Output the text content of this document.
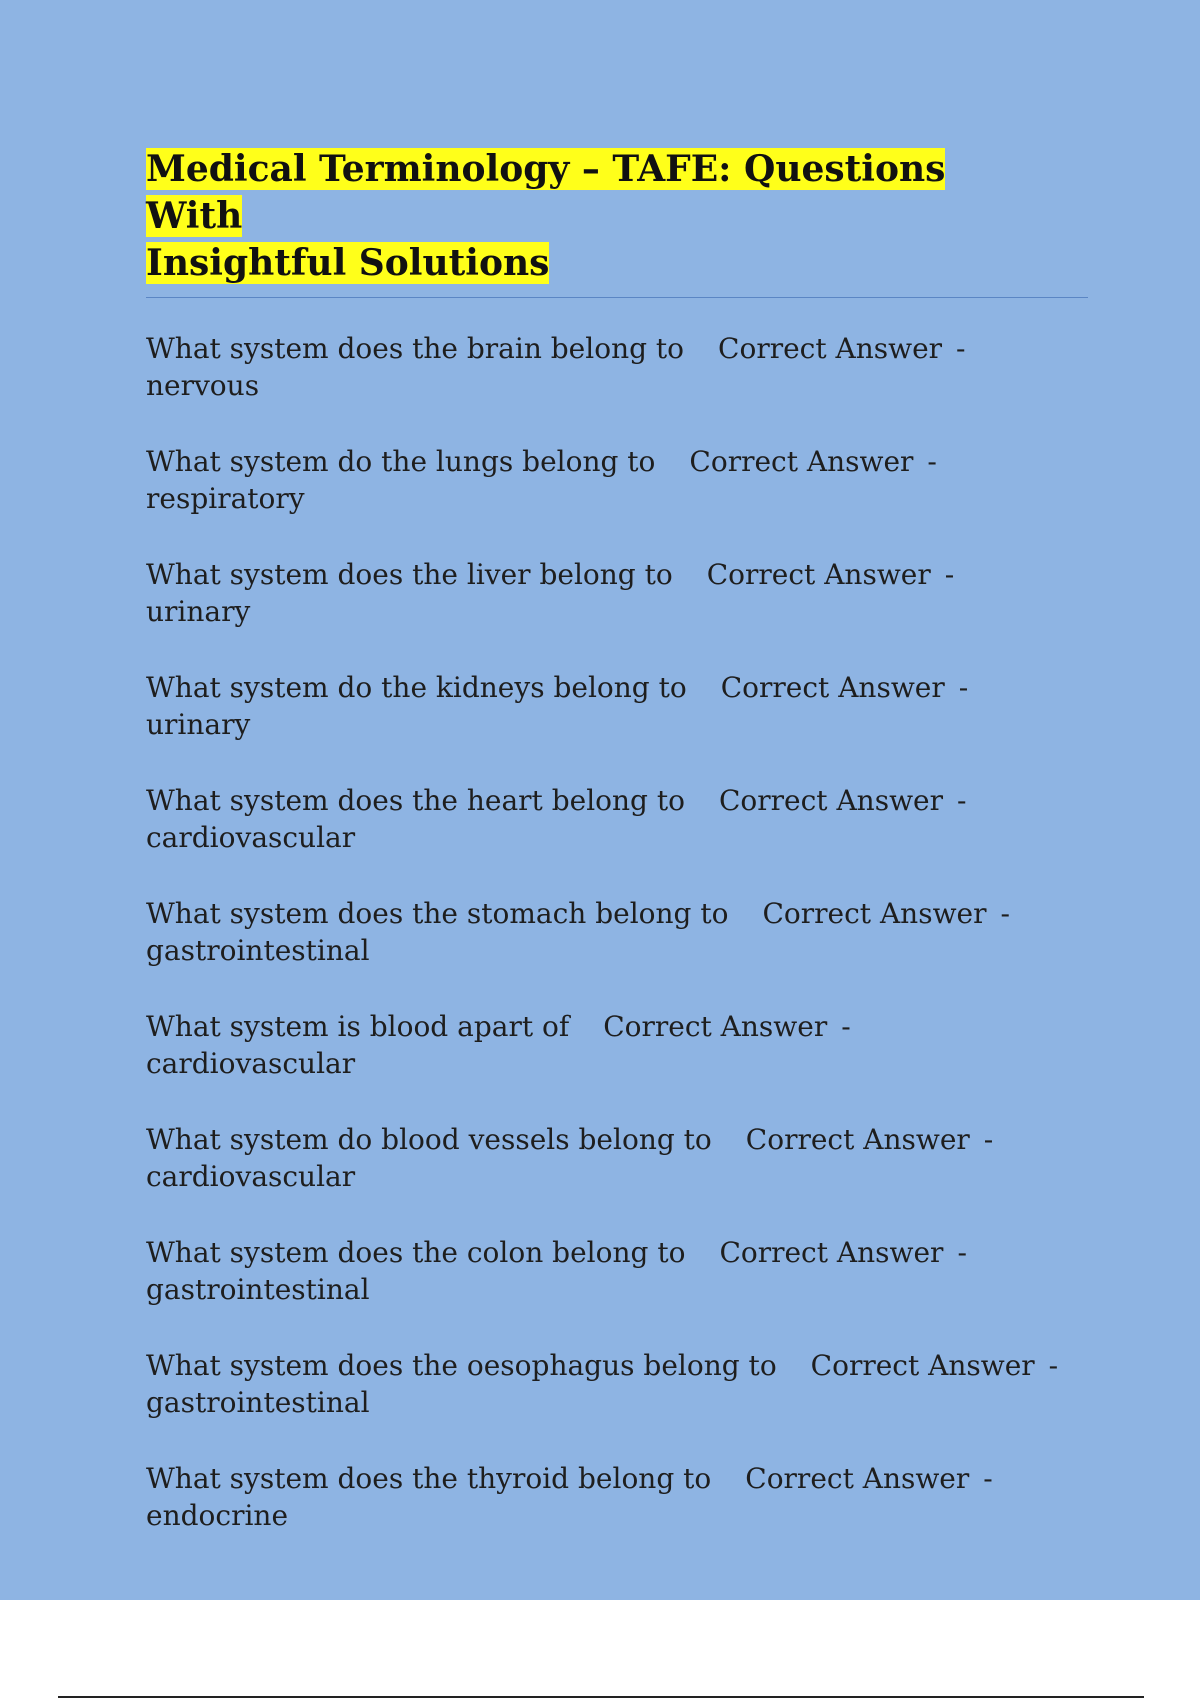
Medical Terminology – TAFE: Questions With
Insightful Solutions

What system does the brain belong to Correct Answer -
nervous

What system do the lungs belong to Correct Answer -
respiratory

What system does the liver belong to Correct Answer -urinary

What system do the kidneys belong to Correct Answer -
urinary

What system does the heart belong to Correct Answer -
cardiovascular

What system does the stomach belong to Correct Answer -
gastrointestinal

What system is blood apart of Correct Answer -cardiovascular

What system do blood vessels belong to Correct Answer -
cardiovascular

What system does the colon belong to Correct Answer -
gastrointestinal

What system does the oesophagus belong to Correct Answer -
gastrointestinal

What system does the thyroid belong to Correct Answer -
endocrine
